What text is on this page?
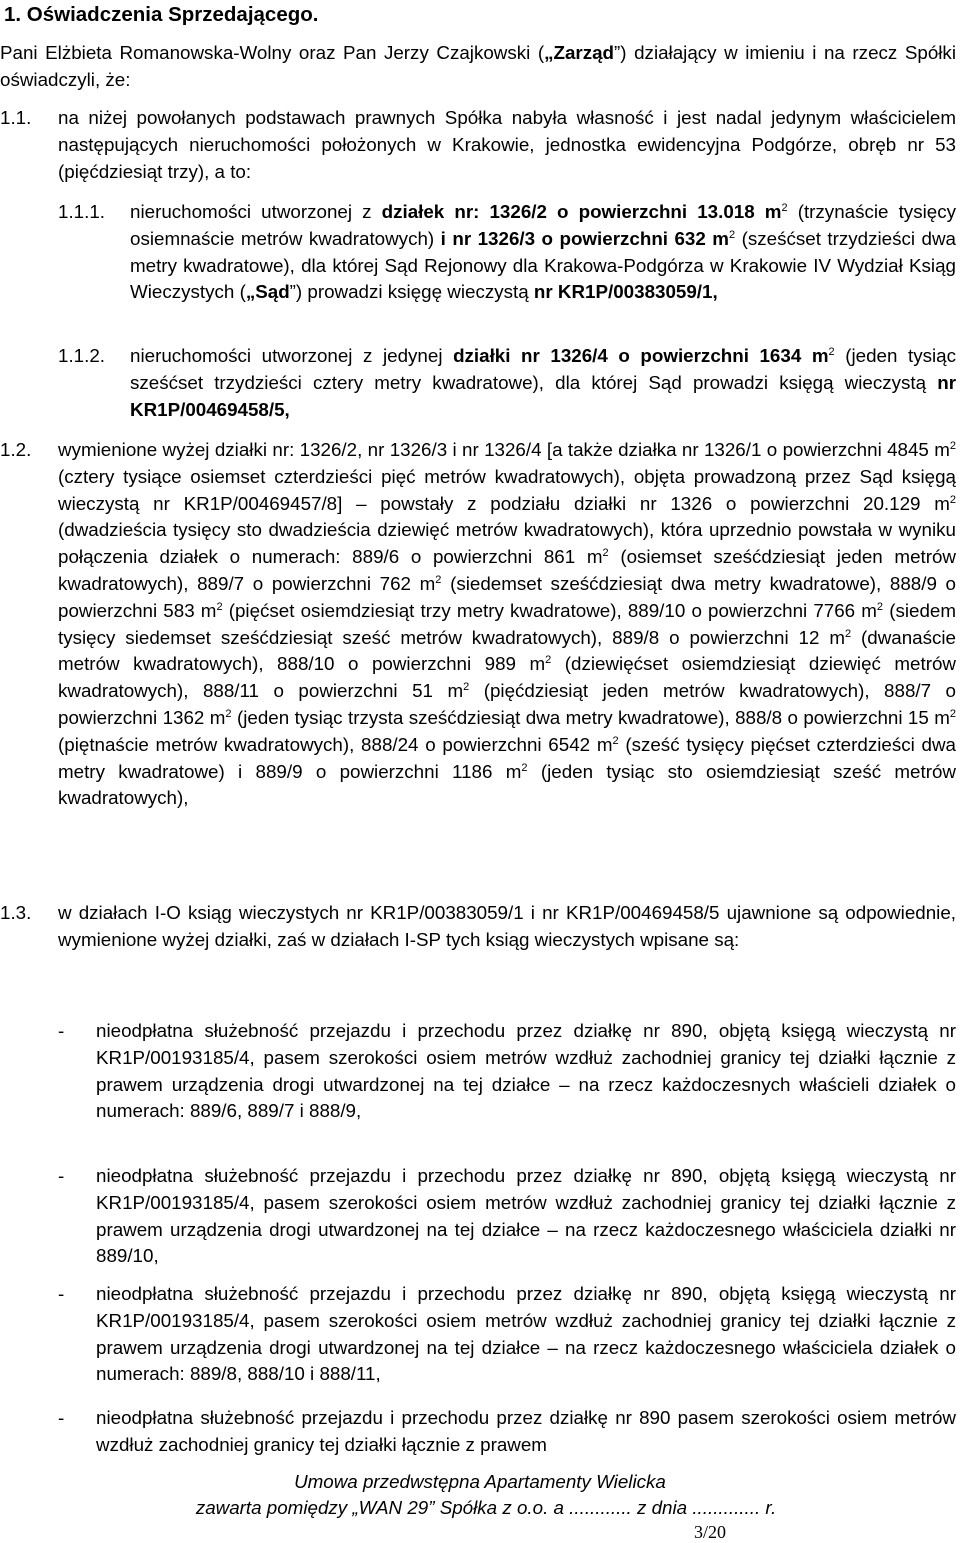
1. Oświadczenia Sprzedającego.

Pani Elżbieta Romanowska-Wolny oraz Pan Jerzy Czajkowski („Zarząd”) działający w imieniu i na rzecz Spółki oświadczyli, że:

1.1. na niżej powołanych podstawach prawnych Spółka nabyła własność i jest nadal jedynym właścicielem następujących nieruchomości położonych w Krakowie, jednostka ewidencyjna Podgórze, obręb nr 53 (pięćdziesiąt trzy), a to:

1.1.1. nieruchomości utworzonej z działek nr: 1326/2 o powierzchni 13.018 $m^2$ (trzynaście tysięcy osiemnaście metrów kwadratowych) i nr 1326/3 o powierzchni 632 $m^2$ (sześćset trzydzieści dwa metry kwadratowe), dla której Sąd Rejonowy dla Krakowa-Podgórza w Krakowie IV Wydział Ksiąg Wieczystych („Sąd”) prowadzi księgę wieczystą nr KR1P/00383059/1,

1.1.2. nieruchomości utworzonej z jedynej działki nr 1326/4 o powierzchni 1634 $m^2$ (jeden tysiąc sześćset trzydzieści cztery metry kwadratowe), dla której Sąd prowadzi księgą wieczystą nr KR1P/00469458/5,

1.2. wymienione wyżej działki nr: 1326/2, nr 1326/3 i nr 1326/4 [a także działka nr 1326/1 o powierzchni 4845 $m^2$ (cztery tysiące osiemset czterdzieści pięć metrów kwadratowych), objęta prowadzoną przez Sąd księgą wieczystą nr KR1P/00469457/8] – powstały z podziału działki nr 1326 o powierzchni 20.129 $m^2$ (dwadzieścia tysięcy sto dwadzieścia dziewięć metrów kwadratowych), która uprzednio powstała w wyniku połączenia działek o numerach: 889/6 o powierzchni 861 $m^2$ (osiemset sześćdziesiąt jeden metrów kwadratowych), 889/7 o powierzchni 762 $m^2$ (siedemset sześćdziesiąt dwa metry kwadratowe), 888/9 o powierzchni 583 $m^2$ (pięćset osiemdziesiąt trzy metry kwadratowe), 889/10 o powierzchni 7766 $m^2$ (siedem tysięcy siedemset sześćdziesiąt sześć metrów kwadratowych), 889/8 o powierzchni 12 $m^2$ (dwanaście metrów kwadratowych), 888/10 o powierzchni 989 $m^2$ (dziewięćset osiemdziesiąt dziewięć metrów kwadratowych), 888/11 o powierzchni 51 $m^2$ (pięćdziesiąt jeden metrów kwadratowych), 888/7 o powierzchni 1362 $m^2$ (jeden tysiąc trzysta sześćdziesiąt dwa metry kwadratowe), 888/8 o powierzchni 15 $m^2$ (piętnaście metrów kwadratowych), 888/24 o powierzchni 6542 $m^2$ (sześć tysięcy pięćset czterdzieści dwa metry kwadratowe) i 889/9 o powierzchni 1186 $m^2$ (jeden tysiąc sto osiemdziesiąt sześć metrów kwadratowych),

1.3. w działach I-O ksiąg wieczystych nr KR1P/00383059/1 i nr KR1P/00469458/5 ujawnione są odpowiednie, wymienione wyżej działki, zaś w działach I-SP tych ksiąg wieczystych wpisane są:

- nieodpłatna służebność przejazdu i przechodu przez działkę nr 890, objętą księgą wieczystą nr KR1P/00193185/4, pasem szerokości osiem metrów wzdłuż zachodniej granicy tej działki łącznie z prawem urządzenia drogi utwardzonej na tej działce – na rzecz każdoczesnych właścieli działek o numerach: 889/6, 889/7 i 888/9,

- nieodpłatna służebność przejazdu i przechodu przez działkę nr 890, objętą księgą wieczystą nr KR1P/00193185/4, pasem szerokości osiem metrów wzdłuż zachodniej granicy tej działki łącznie z prawem urządzenia drogi utwardzonej na tej działce – na rzecz każdoczesnego właściciela działki nr 889/10,

- nieodpłatna służebność przejazdu i przechodu przez działkę nr 890, objętą księgą wieczystą nr KR1P/00193185/4, pasem szerokości osiem metrów wzdłuż zachodniej granicy tej działki łącznie z prawem urządzenia drogi utwardzonej na tej działce – na rzecz każdoczesnego właściciela działek o numerach: 889/8, 888/10 i 888/11,

- nieodpłatna służebność przejazdu i przechodu przez działkę nr 890 pasem szerokości osiem metrów wzdłuż zachodniej granicy tej działki łącznie z prawem

Umowa przedwstępna Apartamenty Wielicka

zawarta pomiędzy „WAN 29” Spółka z o.o. a ............ z dnia ............. r.

3/20
